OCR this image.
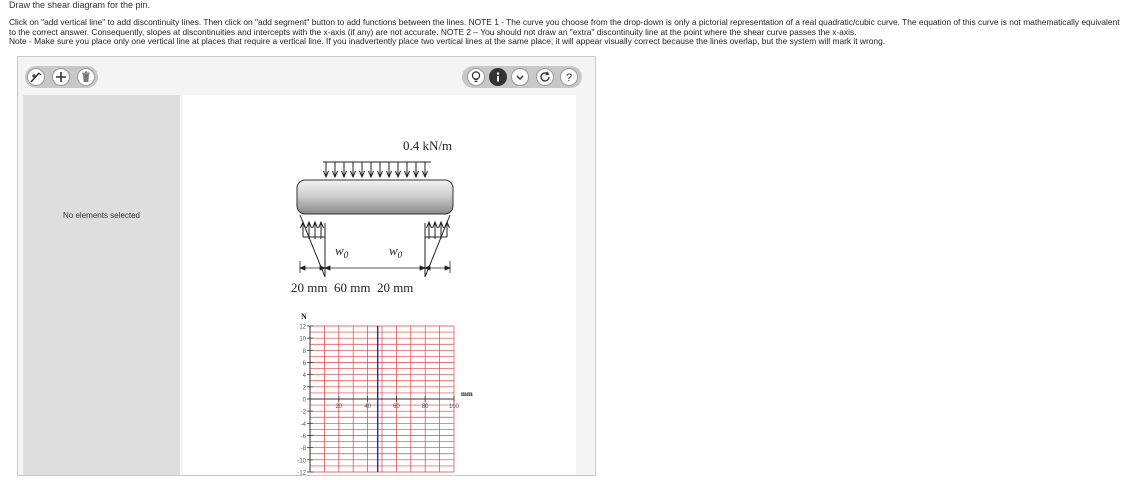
Draw the shear diagram for the pin.

Click on "add vertical line" to add discontinuity lines. Then click on "add segment" button to add functions between the lines. NOTE 1 - The curve you choose from the drop-down is only a pictorial representation of a real quadratic/cubic curve. The equation of this curve is not mathematically equivalent to the correct answer. Consequently, slopes at discontinuities and intercepts with the x-axis (if any) are not accurate. NOTE 2 – You should not draw an "extra" discontinuity line at the point where the shear curve passes the x-axis.

Note - Make sure you place only one vertical line at places that require a vertical line. If you inadvertently place two vertical lines at the same place, it will appear visually correct because the lines overlap, but the system will mark it wrong.

?
No elements selected
0.4 kN/m
$w_0$	$w_0$
20 mm  60 mm  20 mm
N
12
10
8
6
4
2
0
-2
-4
-6
-8
-10
-12
20	40	60	80	100
mm
